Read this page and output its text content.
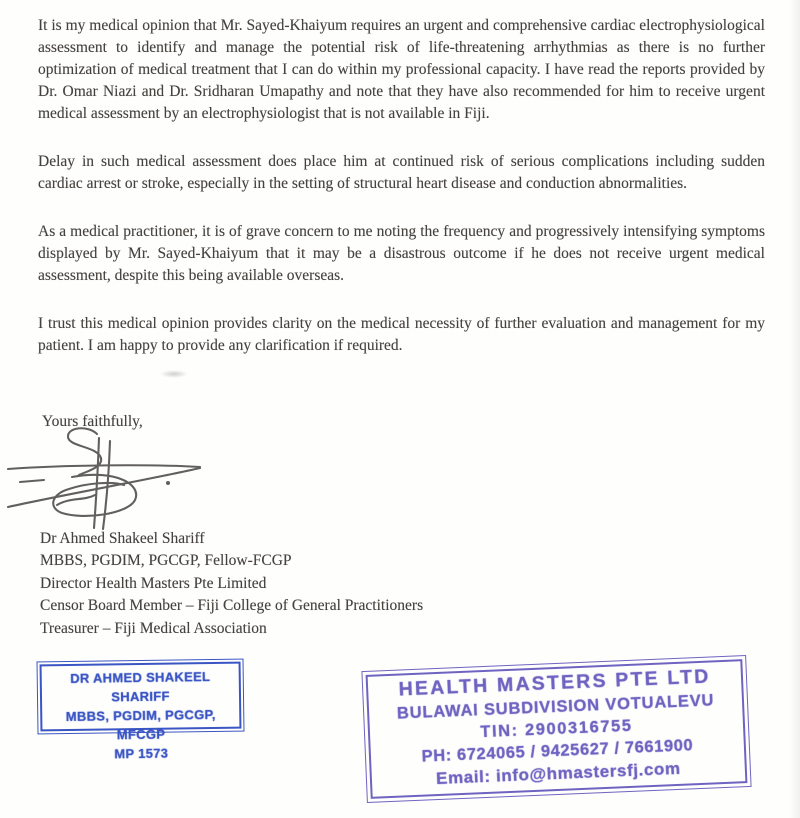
It is my medical opinion that Mr. Sayed-Khaiyum requires an urgent and comprehensive cardiac electrophysiological assessment to identify and manage the potential risk of life-threatening arrhythmias as there is no further optimization of medical treatment that I can do within my professional capacity. I have read the reports provided by Dr. Omar Niazi and Dr. Sridharan Umapathy and note that they have also recommended for him to receive urgent medical assessment by an electrophysiologist that is not available in Fiji.

Delay in such medical assessment does place him at continued risk of serious complications including sudden cardiac arrest or stroke, especially in the setting of structural heart disease and conduction abnormalities.

As a medical practitioner, it is of grave concern to me noting the frequency and progressively intensifying symptoms displayed by Mr. Sayed-Khaiyum that it may be a disastrous outcome if he does not receive urgent medical assessment, despite this being available overseas.

I trust this medical opinion provides clarity on the medical necessity of further evaluation and management for my patient. I am happy to provide any clarification if required.

Yours faithfully,
Dr Ahmed Shakeel Shariff
MBBS, PGDIM, PGCGP, Fellow-FCGP
Director Health Masters Pte Limited
Censor Board Member – Fiji College of General Practitioners
Treasurer – Fiji Medical Association
DR AHMED SHAKEEL SHARIFF
MBBS, PGDIM, PGCGP, MFCGP
MP 1573
HEALTH MASTERS PTE LTD
BULAWAI SUBDIVISION VOTUALEVU
TIN: 2900316755
PH: 6724065 / 9425627 / 7661900
Email: info@hmastersfj.com
